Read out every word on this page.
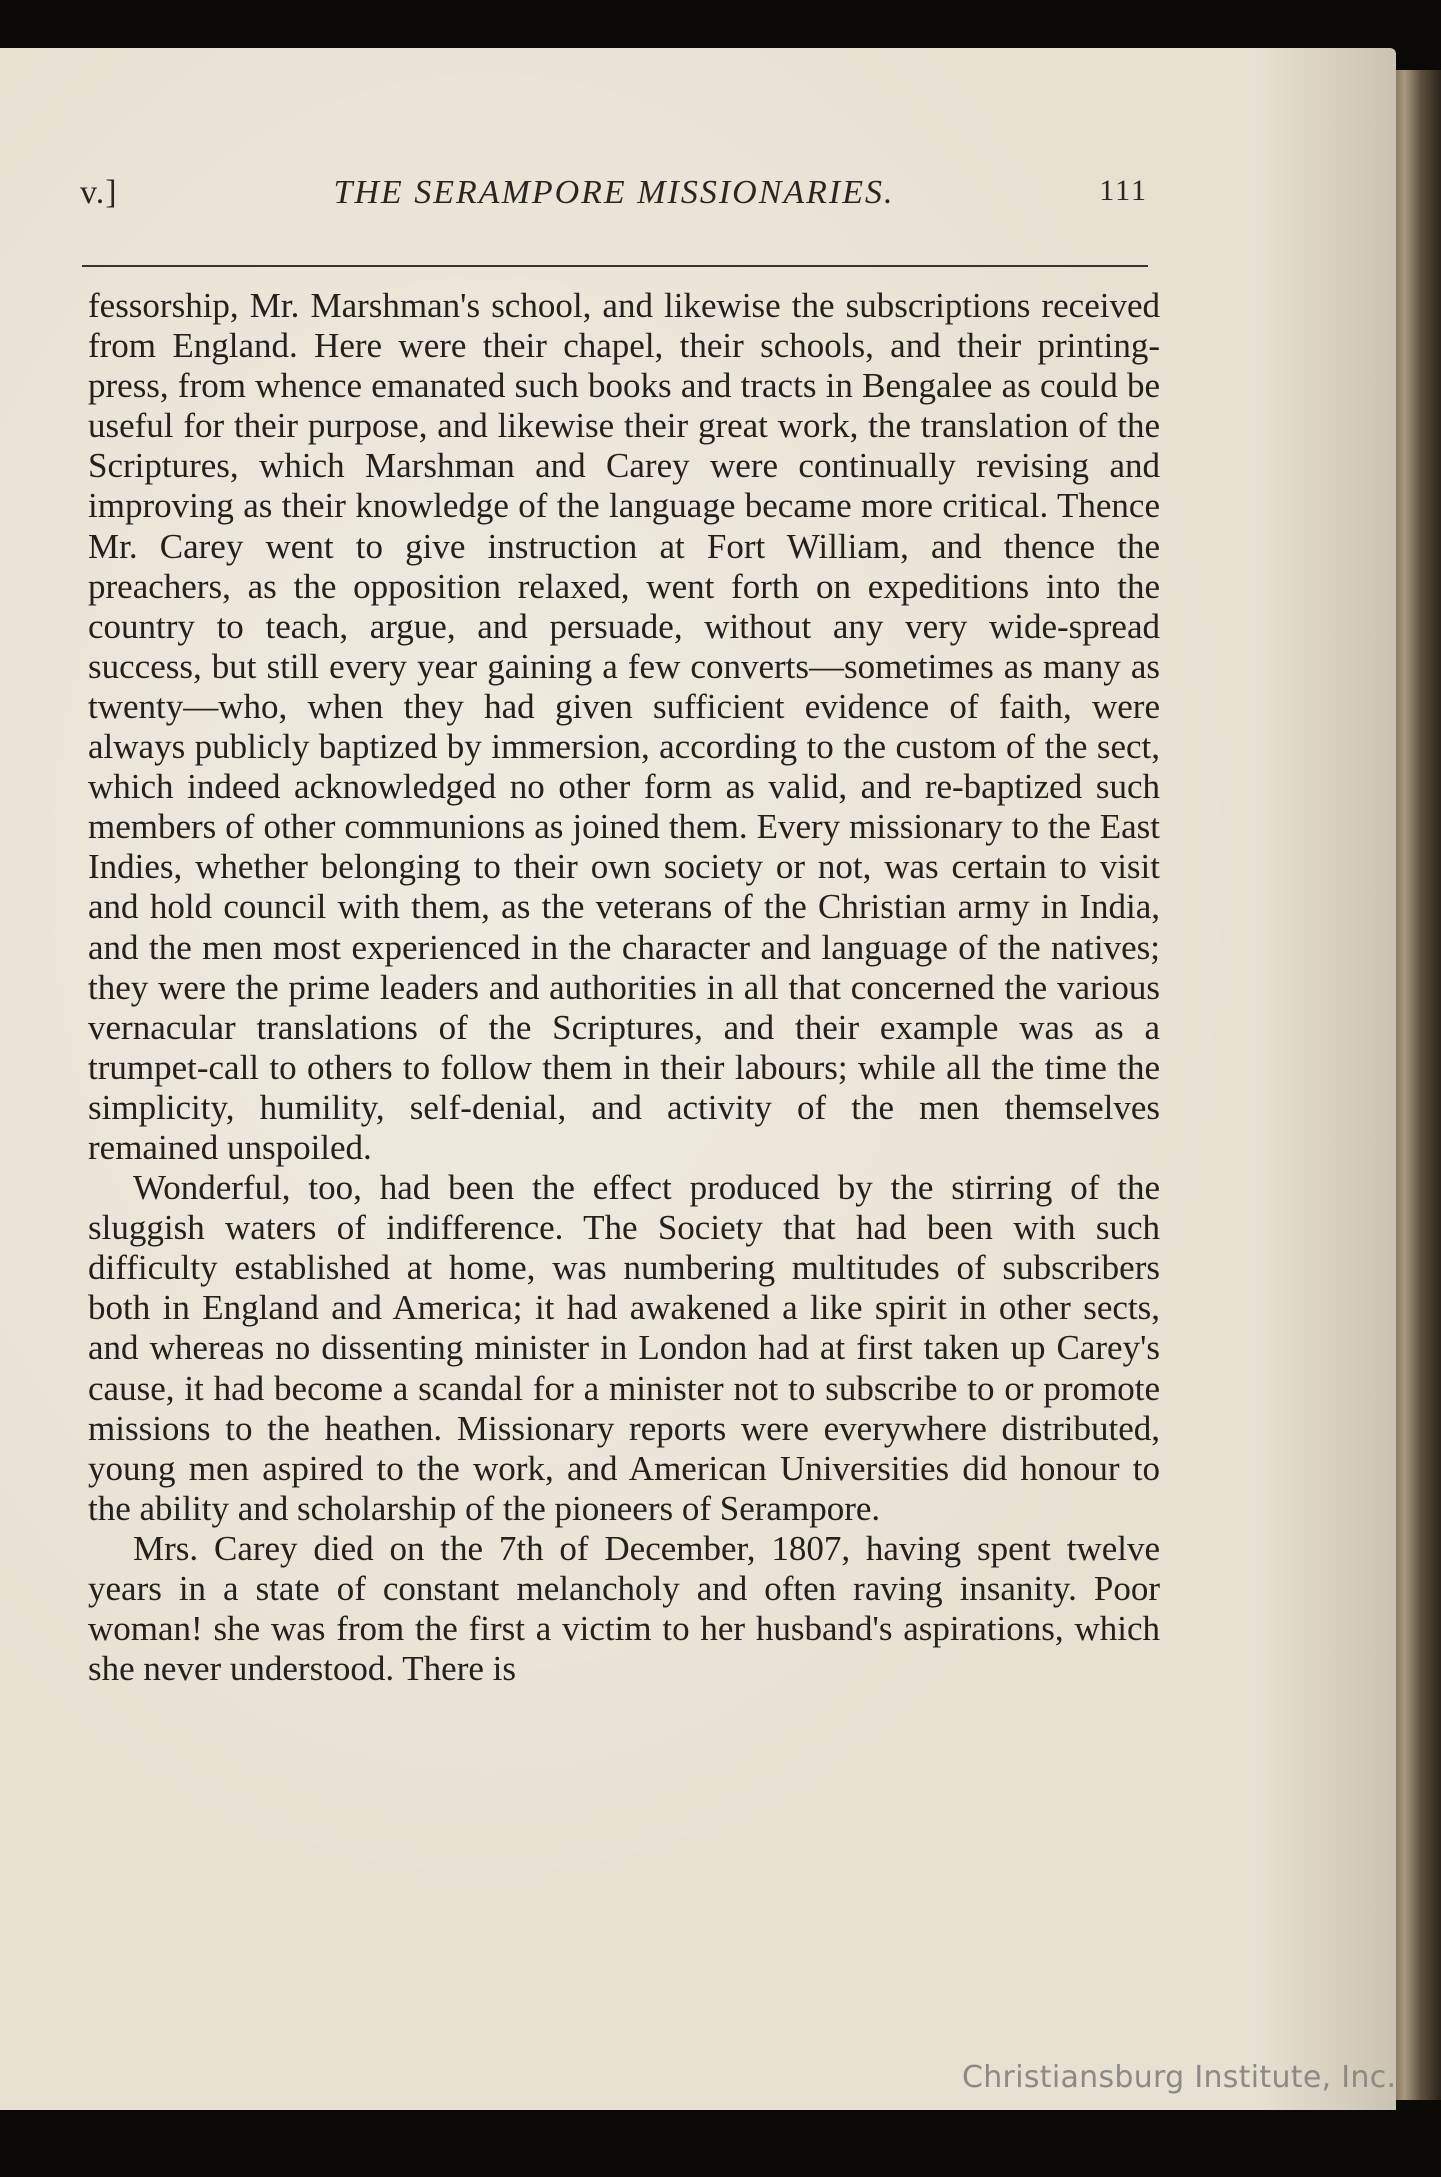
v.]	THE SERAMPORE MISSIONARIES.	111

fessorship, Mr. Marshman's school, and likewise the subscriptions received from England. Here were their chapel, their schools, and their printing-press, from whence emanated such books and tracts in Bengalee as could be useful for their purpose, and likewise their great work, the translation of the Scriptures, which Marshman and Carey were continually revising and improving as their knowledge of the language became more critical. Thence Mr. Carey went to give instruction at Fort William, and thence the preachers, as the opposition relaxed, went forth on expeditions into the country to teach, argue, and persuade, without any very wide-spread success, but still every year gaining a few converts—sometimes as many as twenty—who, when they had given sufficient evidence of faith, were always publicly baptized by immersion, according to the custom of the sect, which indeed acknowledged no other form as valid, and re-baptized such members of other communions as joined them. Every missionary to the East Indies, whether belonging to their own society or not, was certain to visit and hold council with them, as the veterans of the Christian army in India, and the men most experienced in the character and language of the natives; they were the prime leaders and authorities in all that concerned the various vernacular translations of the Scriptures, and their example was as a trumpet-call to others to follow them in their labours; while all the time the simplicity, humility, self-denial, and activity of the men themselves remained unspoiled.

Wonderful, too, had been the effect produced by the stirring of the sluggish waters of indifference. The Society that had been with such difficulty established at home, was numbering multitudes of subscribers both in England and America; it had awakened a like spirit in other sects, and whereas no dissenting minister in London had at first taken up Carey's cause, it had become a scandal for a minister not to subscribe to or promote missions to the heathen. Missionary reports were everywhere distributed, young men aspired to the work, and American Universities did honour to the ability and scholarship of the pioneers of Serampore.

Mrs. Carey died on the 7th of December, 1807, having spent twelve years in a state of constant melancholy and often raving insanity. Poor woman! she was from the first a victim to her husband's aspirations, which she never understood. There is

Christiansburg Institute, Inc.
